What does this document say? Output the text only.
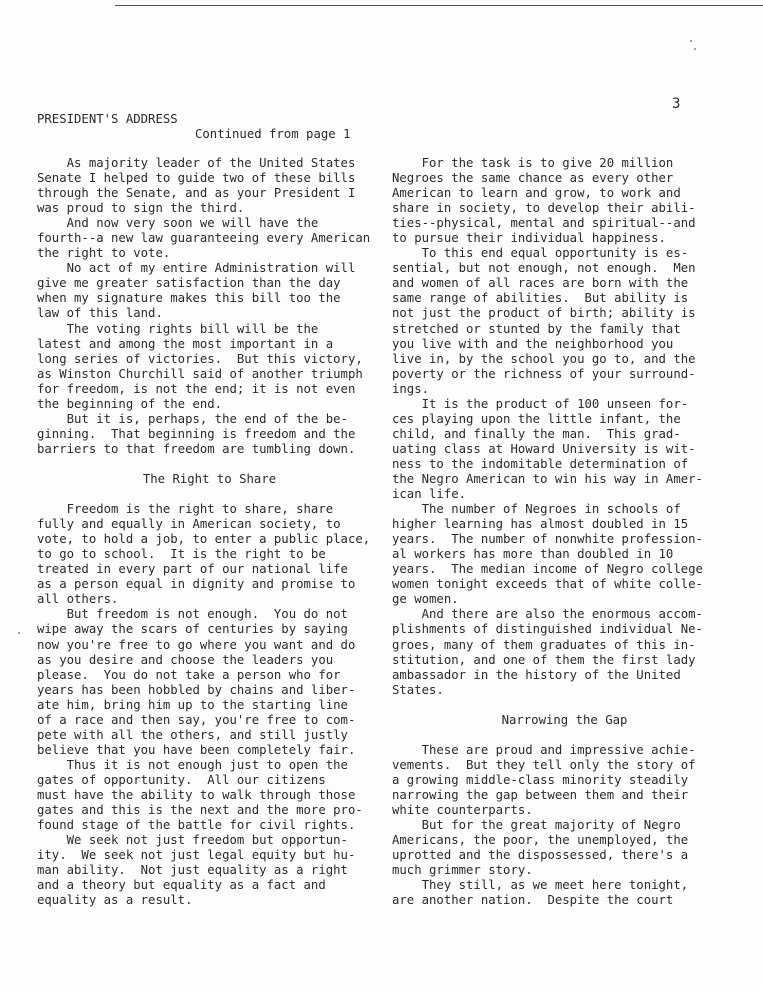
PRESIDENT'S ADDRESS
3
Continued from page 1
As majority leader of the United States
Senate I helped to guide two of these bills
through the Senate, and as your President I
was proud to sign the third.
And now very soon we will have the
fourth--a new law guaranteeing every American
the right to vote.
No act of my entire Administration will
give me greater satisfaction than the day
when my signature makes this bill too the
law of this land.
The voting rights bill will be the
latest and among the most important in a
long series of victories.  But this victory,
as Winston Churchill said of another triumph
for freedom, is not the end; it is not even
the beginning of the end.
But it is, perhaps, the end of the be-
ginning.  That beginning is freedom and the
barriers to that freedom are tumbling down.
The Right to Share
Freedom is the right to share, share
fully and equally in American society, to
vote, to hold a job, to enter a public place,
to go to school.  It is the right to be
treated in every part of our national life
as a person equal in dignity and promise to
all others.
But freedom is not enough.  You do not
wipe away the scars of centuries by saying
now you're free to go where you want and do
as you desire and choose the leaders you
please.  You do not take a person who for
years has been hobbled by chains and liber-
ate him, bring him up to the starting line
of a race and then say, you're free to com-
pete with all the others, and still justly
believe that you have been completely fair.
Thus it is not enough just to open the
gates of opportunity.  All our citizens
must have the ability to walk through those
gates and this is the next and the more pro-
found stage of the battle for civil rights.
We seek not just freedom but opportun-
ity.  We seek not just legal equity but hu-
man ability.  Not just equality as a right
and a theory but equality as a fact and
equality as a result.
For the task is to give 20 million
Negroes the same chance as every other
American to learn and grow, to work and
share in society, to develop their abili-
ties--physical, mental and spiritual--and
to pursue their individual happiness.
To this end equal opportunity is es-
sential, but not enough, not enough.  Men
and women of all races are born with the
same range of abilities.  But ability is
not just the product of birth; ability is
stretched or stunted by the family that
you live with and the neighborhood you
live in, by the school you go to, and the
poverty or the richness of your surround-
ings.
It is the product of 100 unseen for-
ces playing upon the little infant, the
child, and finally the man.  This grad-
uating class at Howard University is wit-
ness to the indomitable determination of
the Negro American to win his way in Amer-
ican life.
The number of Negroes in schools of
higher learning has almost doubled in 15
years.  The number of nonwhite profession-
al workers has more than doubled in 10
years.  The median income of Negro college
women tonight exceeds that of white colle-
ge women.
And there are also the enormous accom-
plishments of distinguished individual Ne-
groes, many of them graduates of this in-
stitution, and one of them the first lady
ambassador in the history of the United
States.
Narrowing the Gap
These are proud and impressive achie-
vements.  But they tell only the story of
a growing middle-class minority steadily
narrowing the gap between them and their
white counterparts.
But for the great majority of Negro
Americans, the poor, the unemployed, the
uprotted and the dispossessed, there's a
much grimmer story.
They still, as we meet here tonight,
are another nation.  Despite the court
